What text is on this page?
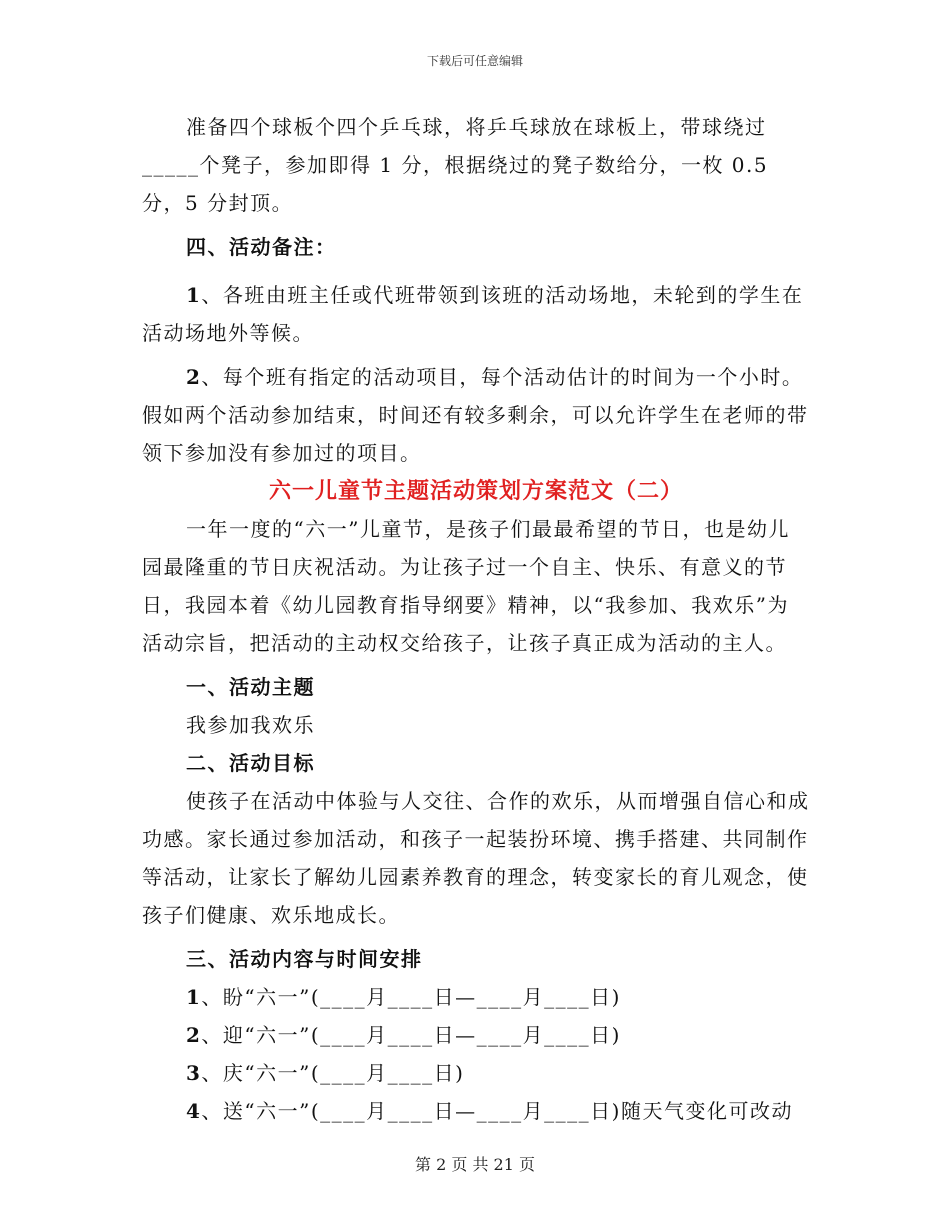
下载后可任意编辑

准备四个球板个四个乒乓球，将乒乓球放在球板上，带球绕过_____个凳子，参加即得 1 分，根据绕过的凳子数给分，一枚 0.5 分，5 分封顶。

四、活动备注：

1、各班由班主任或代班带领到该班的活动场地，未轮到的学生在活动场地外等候。

2、每个班有指定的活动项目，每个活动估计的时间为一个小时。假如两个活动参加结束，时间还有较多剩余，可以允许学生在老师的带领下参加没有参加过的项目。

六一儿童节主题活动策划方案范文（二）

一年一度的“六一”儿童节，是孩子们最最希望的节日，也是幼儿园最隆重的节日庆祝活动。为让孩子过一个自主、快乐、有意义的节日，我园本着《幼儿园教育指导纲要》精神，以“我参加、我欢乐”为活动宗旨，把活动的主动权交给孩子，让孩子真正成为活动的主人。

一、活动主题

我参加我欢乐

二、活动目标

使孩子在活动中体验与人交往、合作的欢乐，从而增强自信心和成功感。家长通过参加活动，和孩子一起装扮环境、携手搭建、共同制作等活动，让家长了解幼儿园素养教育的理念，转变家长的育儿观念，使孩子们健康、欢乐地成长。

三、活动内容与时间安排

1、盼“六一”(____月____日—____月____日)

2、迎“六一”(____月____日—____月____日)

3、庆“六一”(____月____日)

4、送“六一”(____月____日—____月____日)随天气变化可改动

第 2 页 共 21 页
